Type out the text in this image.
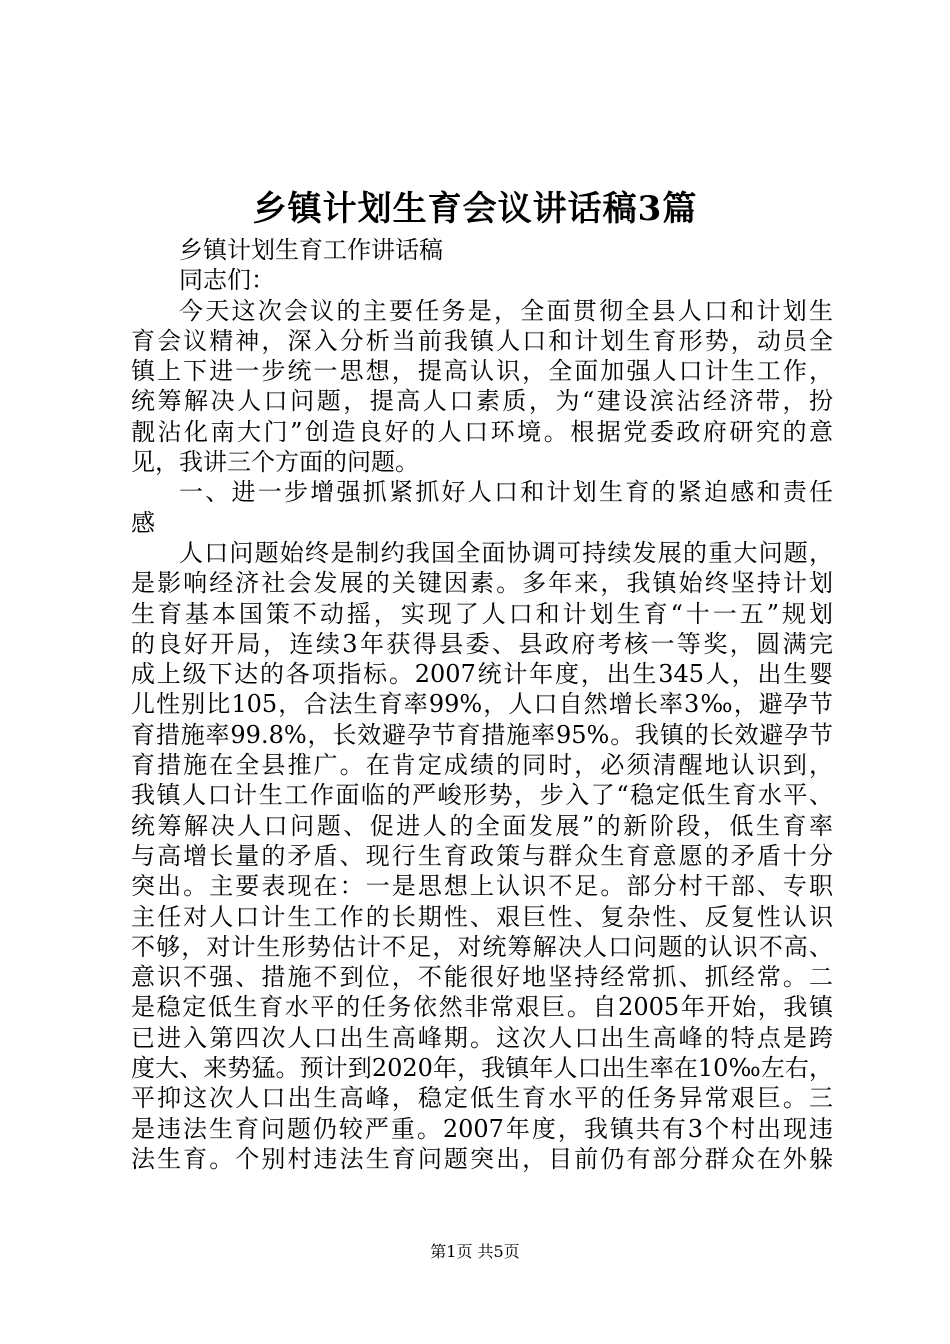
乡镇计划生育会议讲话稿3篇
乡镇计划生育工作讲话稿
同志们：
今天这次会议的主要任务是，全面贯彻全县人口和计划生
育会议精神，深入分析当前我镇人口和计划生育形势，动员全
镇上下进一步统一思想，提高认识，全面加强人口计生工作，
统筹解决人口问题，提高人口素质，为“建设滨沾经济带，扮
靓沾化南大门”创造良好的人口环境。根据党委政府研究的意
见，我讲三个方面的问题。
一、进一步增强抓紧抓好人口和计划生育的紧迫感和责任
感
人口问题始终是制约我国全面协调可持续发展的重大问题，
是影响经济社会发展的关键因素。多年来，我镇始终坚持计划
生育基本国策不动摇，实现了人口和计划生育“十一五”规划
的良好开局，连续3年获得县委、县政府考核一等奖，圆满完
成上级下达的各项指标。2007统计年度，出生345人，出生婴
儿性别比105，合法生育率99%，人口自然增长率3‰，避孕节
育措施率99.8%，长效避孕节育措施率95%。我镇的长效避孕节
育措施在全县推广。在肯定成绩的同时，必须清醒地认识到，
我镇人口计生工作面临的严峻形势，步入了“稳定低生育水平、
统筹解决人口问题、促进人的全面发展”的新阶段，低生育率
与高增长量的矛盾、现行生育政策与群众生育意愿的矛盾十分
突出。主要表现在：一是思想上认识不足。部分村干部、专职
主任对人口计生工作的长期性、艰巨性、复杂性、反复性认识
不够，对计生形势估计不足，对统筹解决人口问题的认识不高、
意识不强、措施不到位，不能很好地坚持经常抓、抓经常。二
是稳定低生育水平的任务依然非常艰巨。自2005年开始，我镇
已进入第四次人口出生高峰期。这次人口出生高峰的特点是跨
度大、来势猛。预计到2020年，我镇年人口出生率在10‰左右，
平抑这次人口出生高峰，稳定低生育水平的任务异常艰巨。三
是违法生育问题仍较严重。2007年度，我镇共有3个村出现违
法生育。个别村违法生育问题突出，目前仍有部分群众在外躲
第1页 共5页
